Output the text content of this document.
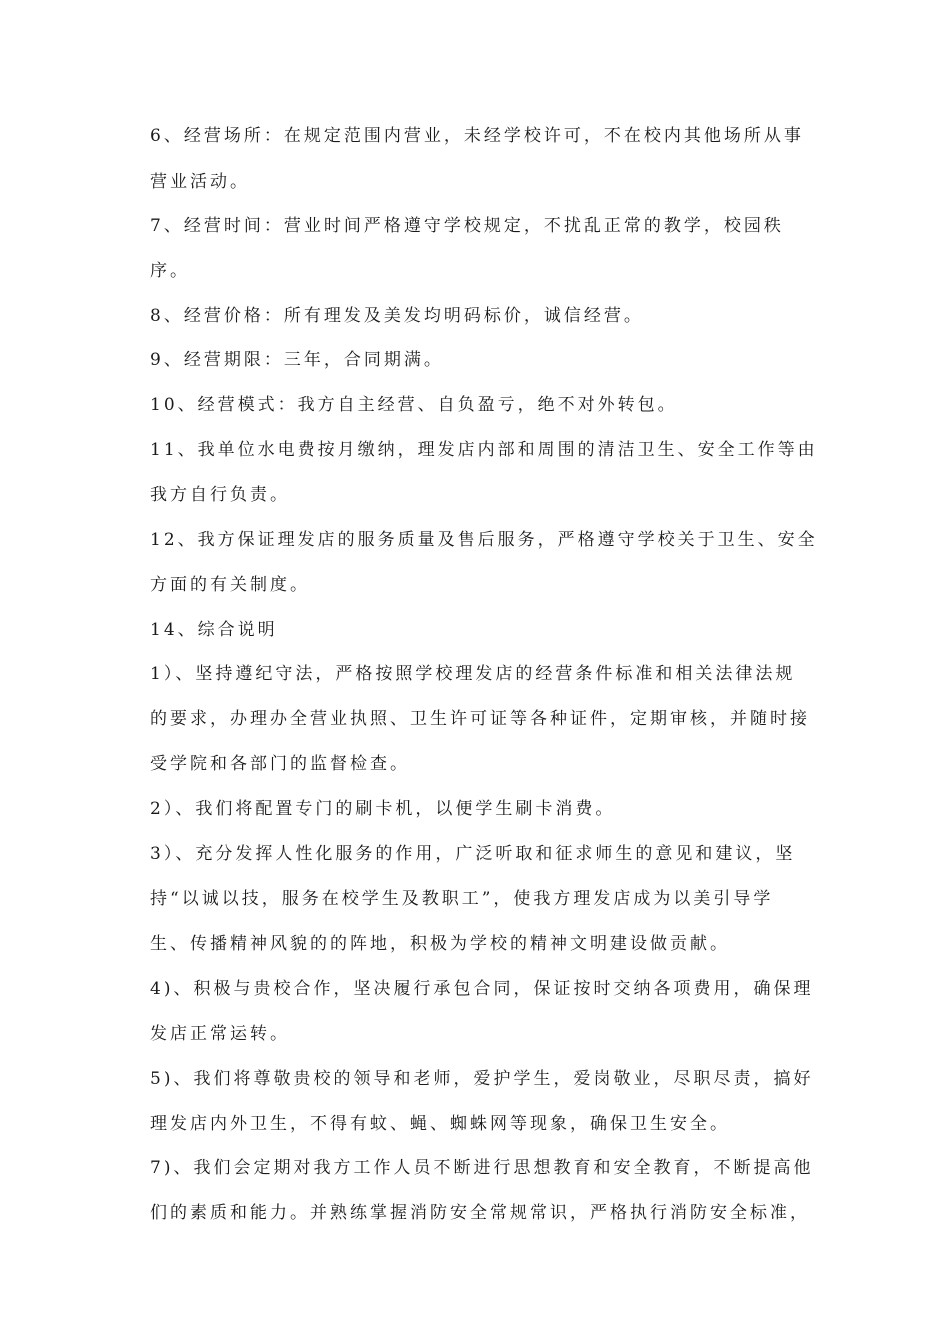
6、经营场所：在规定范围内营业，未经学校许可，不在校内其他场所从事
营业活动。
7、经营时间：营业时间严格遵守学校规定，不扰乱正常的教学，校园秩
序。
8、经营价格：所有理发及美发均明码标价，诚信经营。
9、经营期限：三年，合同期满。
10、经营模式：我方自主经营、自负盈亏，绝不对外转包。
11、我单位水电费按月缴纳，理发店内部和周围的清洁卫生、安全工作等由
我方自行负责。
12、我方保证理发店的服务质量及售后服务，严格遵守学校关于卫生、安全
方面的有关制度。
14、综合说明
1）、坚持遵纪守法，严格按照学校理发店的经营条件标准和相关法律法规
的要求，办理办全营业执照、卫生许可证等各种证件，定期审核，并随时接
受学院和各部门的监督检查。
2）、我们将配置专门的刷卡机，以便学生刷卡消费。
3）、充分发挥人性化服务的作用，广泛听取和征求师生的意见和建议，坚
持“以诚以技，服务在校学生及教职工”，使我方理发店成为以美引导学
生、传播精神风貌的的阵地，积极为学校的精神文明建设做贡献。
4)、积极与贵校合作，坚决履行承包合同，保证按时交纳各项费用，确保理
发店正常运转。
5)、我们将尊敬贵校的领导和老师，爱护学生，爱岗敬业，尽职尽责，搞好
理发店内外卫生，不得有蚊、蝇、蜘蛛网等现象，确保卫生安全。
7)、我们会定期对我方工作人员不断进行思想教育和安全教育，不断提高他
们的素质和能力。并熟练掌握消防安全常规常识，严格执行消防安全标准，
